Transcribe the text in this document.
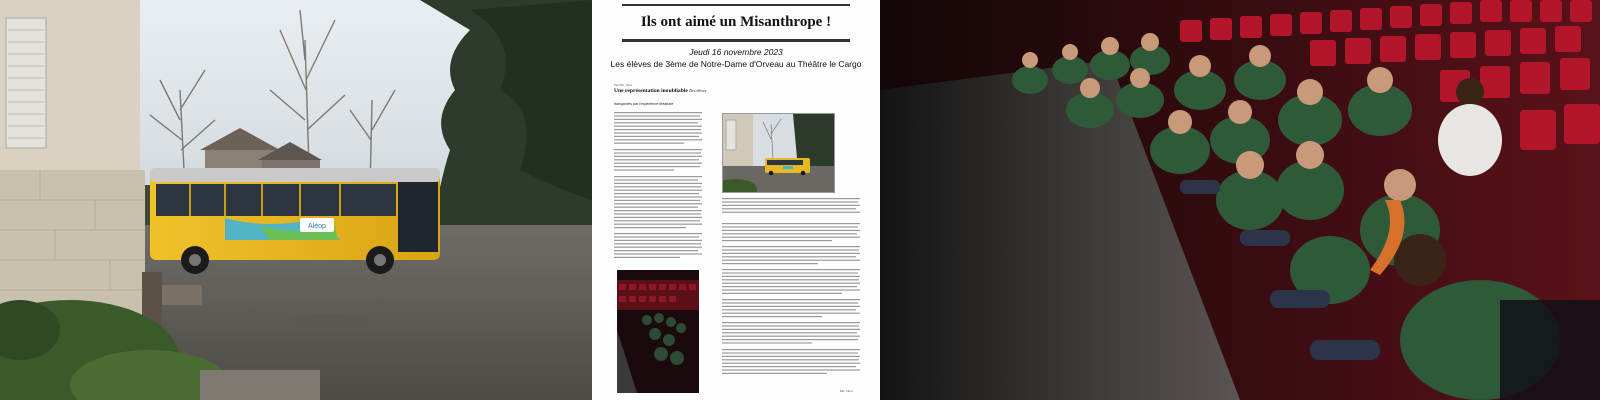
Aléop
Ils ont aimé un Misanthrope !
Jeudi 16 novembre 2023
Les élèves de 3ème de Notre-Dame d'Orveau au Théâtre le Cargo
Par Mic, Nino
Une représentation inoubliable Des élèves
transportés par l'expérience théâtrale
Mic, Nino
